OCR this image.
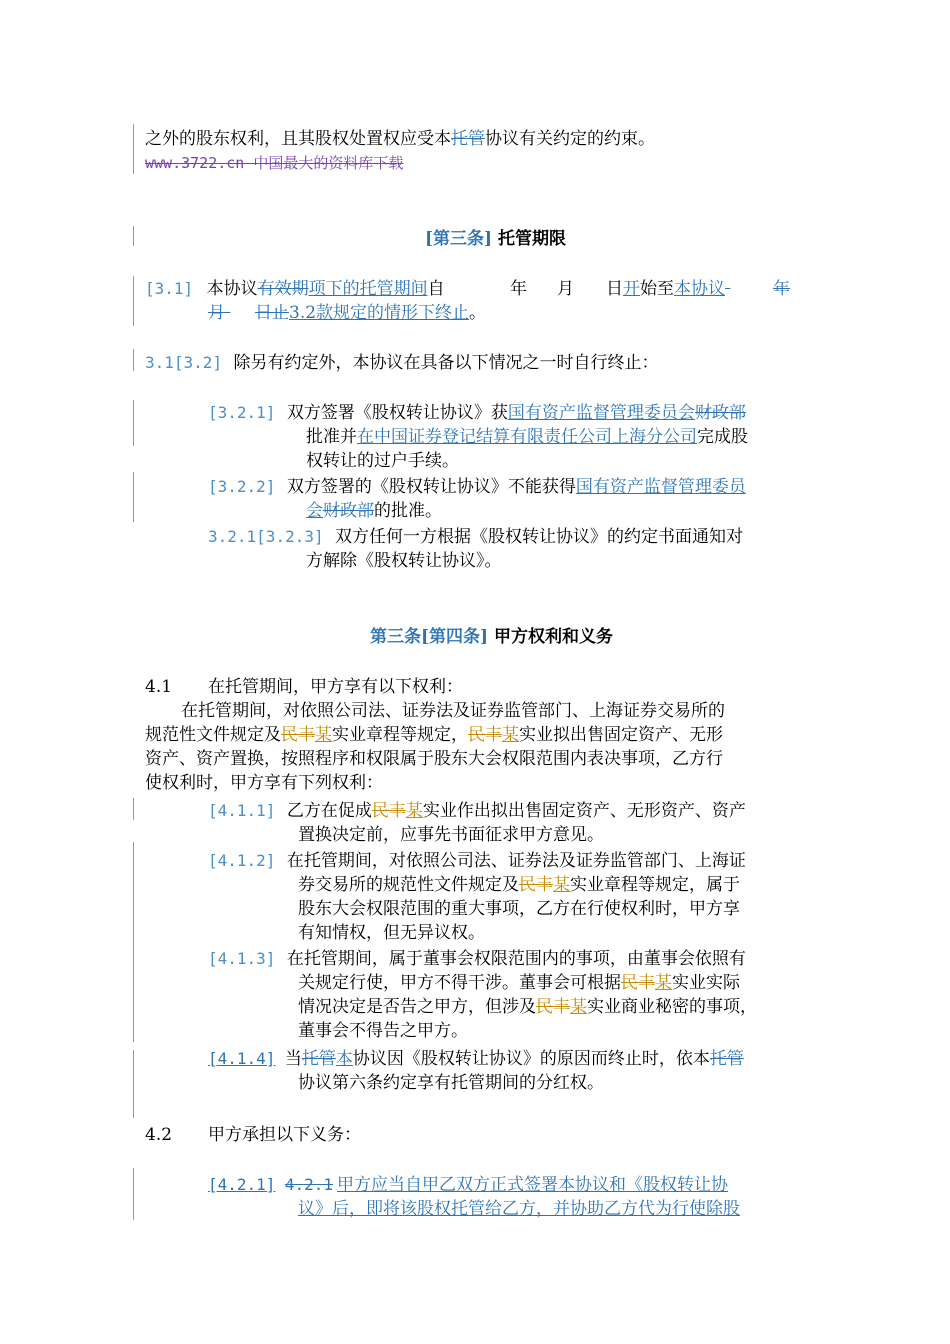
之外的股东权利，且其股权处置权应受本托管协议有关约定的约束。
www.3722.cn 中国最大的资料库下载
[第三条] 托管期限
[3.1] 本协议有效期项下的托管期间自	年 月 日开始至本协议	年
月 日止3.2款规定的情形下终止。
3.1[3.2] 除另有约定外，本协议在具备以下情况之一时自行终止：
[3.2.1] 双方签署《股权转让协议》获国有资产监督管理委员会财政部
批准并在中国证券登记结算有限责任公司上海分公司完成股
权转让的过户手续。
[3.2.2] 双方签署的《股权转让协议》不能获得国有资产监督管理委员
会财政部的批准。
3.2.1[3.2.3] 双方任何一方根据《股权转让协议》的约定书面通知对
方解除《股权转让协议》。
第三条[第四条] 甲方权利和义务
4.1 在托管期间，甲方享有以下权利：
在托管期间，对依照公司法、证券法及证券监管部门、上海证券交易所的
规范性文件规定及民丰某实业章程等规定，民丰某实业拟出售固定资产、无形
资产、资产置换，按照程序和权限属于股东大会权限范围内表决事项，乙方行
使权利时，甲方享有下列权利：
[4.1.1] 乙方在促成民丰某实业作出拟出售固定资产、无形资产、资产
置换决定前，应事先书面征求甲方意见。
[4.1.2] 在托管期间，对依照公司法、证券法及证券监管部门、上海证
券交易所的规范性文件规定及民丰某实业章程等规定，属于
股东大会权限范围的重大事项，乙方在行使权利时，甲方享
有知情权，但无异议权。
[4.1.3] 在托管期间，属于董事会权限范围内的事项，由董事会依照有
关规定行使，甲方不得干涉。董事会可根据民丰某实业实际
情况决定是否告之甲方，但涉及民丰某实业商业秘密的事项，
董事会不得告之甲方。
[4.1.4] 当托管本协议因《股权转让协议》的原因而终止时，依本托管
协议第六条约定享有托管期间的分红权。
4.2 甲方承担以下义务：
[4.2.1] 4.2.1 甲方应当自甲乙双方正式签署本协议和《股权转让协
议》后，即将该股权托管给乙方，并协助乙方代为行使除股
